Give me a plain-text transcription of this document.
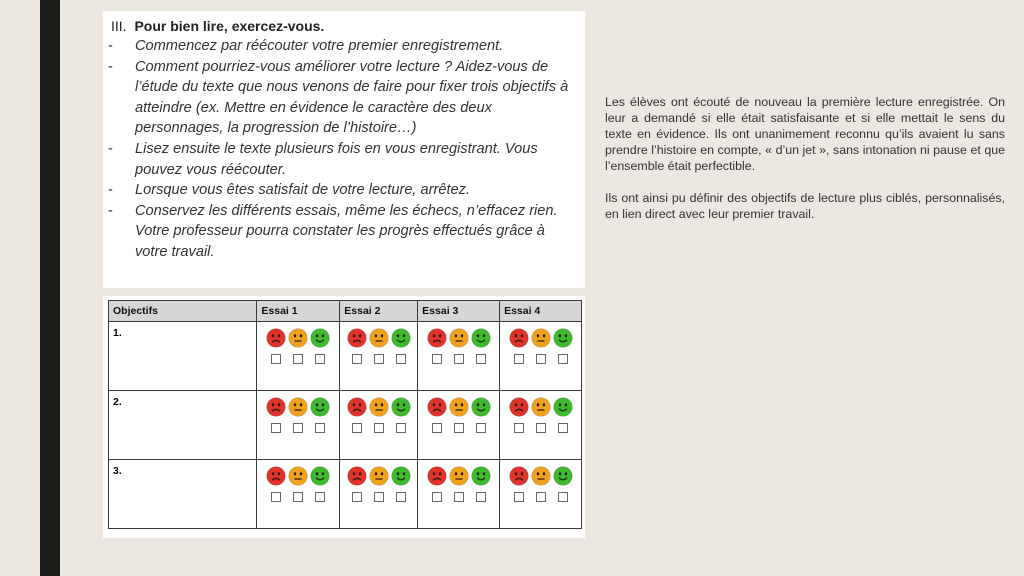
III. Pour bien lire, exercez-vous.
- Commencez par réécouter votre premier enregistrement.
- Comment pourriez-vous améliorer votre lecture ? Aidez-vous de l’étude du texte que nous venons de faire pour fixer trois objectifs à atteindre (ex. Mettre en évidence le caractère des deux personnages, la progression de l’histoire…)
- Lisez ensuite le texte plusieurs fois en vous enregistrant. Vous pouvez vous réécouter.
- Lorsque vous êtes satisfait de votre lecture, arrêtez.
- Conservez les différents essais, même les échecs, n’effacez rien. Votre professeur pourra constater les progrès effectués grâce à votre travail.
Objectifs	Essai 1	Essai 2	Essai 3	Essai 4

1.

2.

3.

Les élèves ont écouté de nouveau la première lecture enregistrée. On leur a demandé si elle était satisfaisante et si elle mettait le sens du texte en évidence. Ils ont unanimement reconnu qu’ils avaient lu sans prendre l’histoire en compte, « d’un jet », sans intonation ni pause et que l’ensemble était perfectible.

Ils ont ainsi pu définir des objectifs de lecture plus ciblés, personnalisés, en lien direct avec leur premier travail.
